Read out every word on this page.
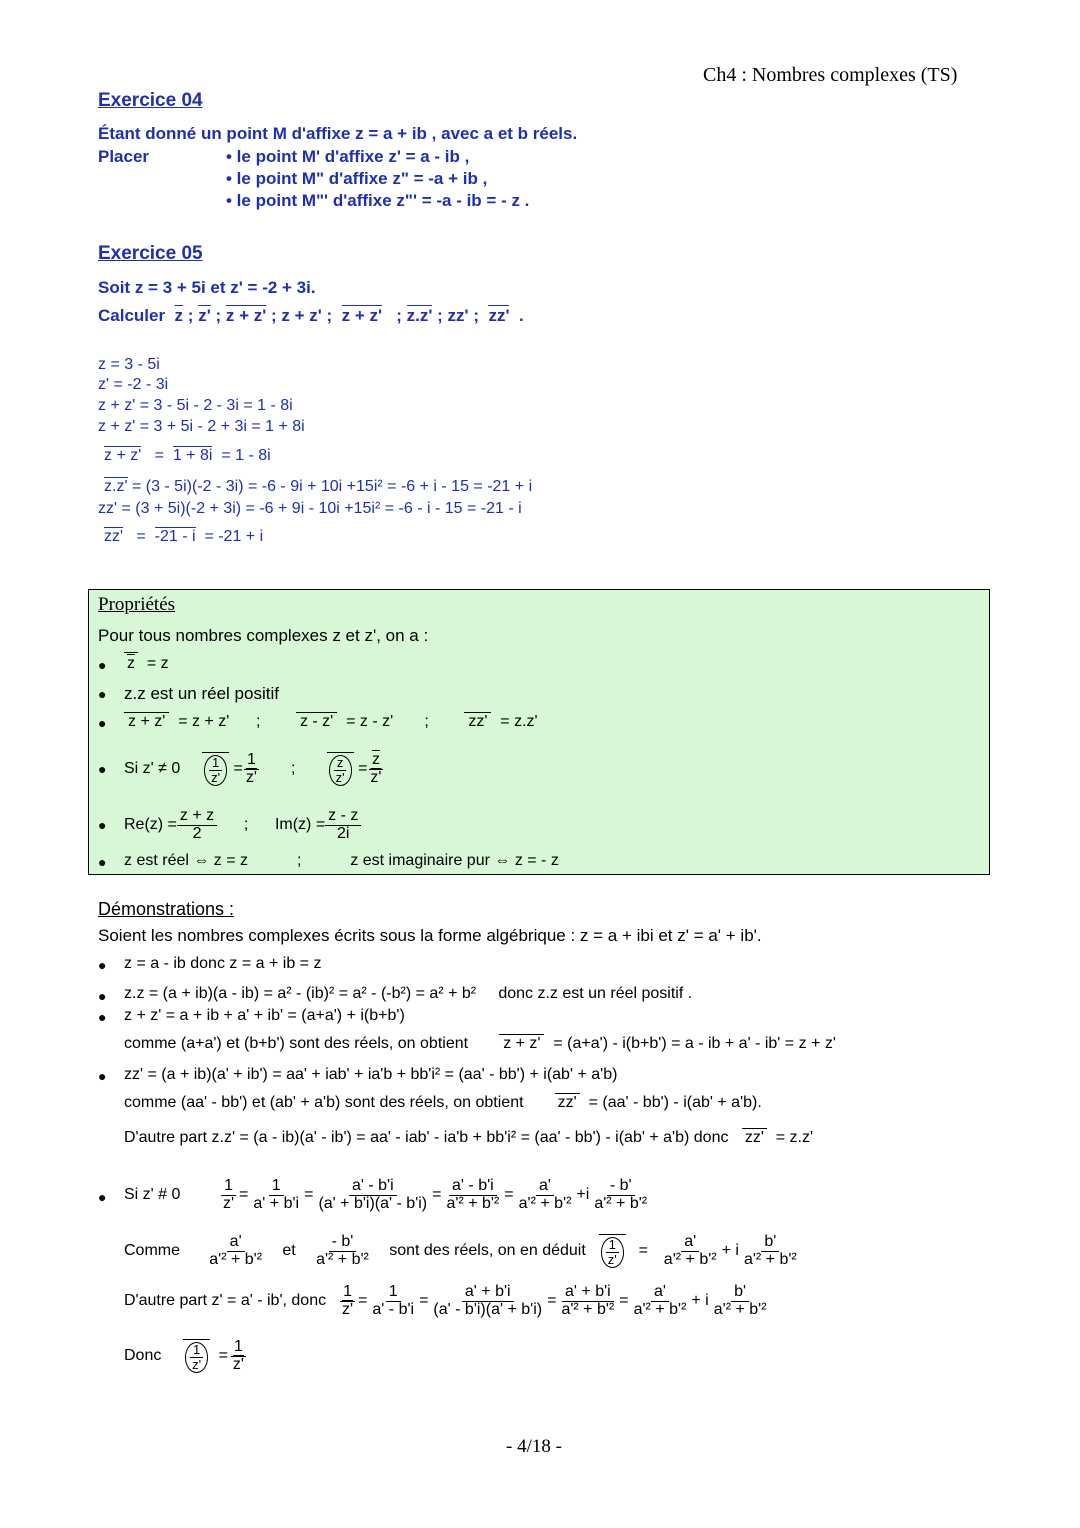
Ch4 : Nombres complexes (TS)
Exercice 04
Étant donné un point M d'affixe z = a + ib , avec a et b réels.
Placer	• le point M' d'affixe z' = a - ib ,
• le point M" d'affixe z" = -a + ib ,
• le point M"' d'affixe z"' = -a - ib = - z .
Exercice 05
Soit z = 3 + 5i et z' = -2 + 3i.
Calculer $\overline{z}$ ; z' ; z + z' ; z + z' ; z + z' ; z.z' ; zz' ; zz' .
z = 3 - 5i
z' = -2 - 3i
z + z' = 3 - 5i - 2 - 3i = 1 - 8i
z + z' = 3 + 5i - 2 + 3i = 1 + 8i
z + z' = 1 + 8i = 1 - 8i
z.z' = (3 - 5i)(-2 - 3i) = -6 - 9i + 10i +15i² = -6 + i - 15 = -21 + i
zz' = (3 + 5i)(-2 + 3i) = -6 + 9i - 10i +15i² = -6 - i - 15 = -21 - i
zz' = -21 - i = -21 + i
Propriétés
Pour tous nombres complexes z et z', on a :
● $\overline{z} = z$
● z.z est un réel positif
● z + z' = z + z' ; z - z' = z - z' ; zz' = z.z'
● Si z' ≠ 0
$\frac{1}{z'}$
= $\frac{1}{z'}$
;
	$\frac{z}{z'}$
= $\frac{\overline{z}}{z'}$
● $Re(z) = \frac{z + z}{2}$
;
$Im(z) = \frac{z - z}{2i}$
● z est réel ⇔ z = z	;	z est imaginaire pur ⇔ z = - z
Démonstrations :
Soient les nombres complexes écrits sous la forme algébrique : z = a + ibi et z' = a' + ib'.
● z = a - ib donc z = a + ib = z
● z.z = (a + ib)(a - ib) = a² - (ib)² = a² - (-b²) = a² + b² donc z.z est un réel positif .
● z + z' = a + ib + a' + ib' = (a+a') + i(b+b')
comme (a+a') et (b+b') sont des réels, on obtient z + z' = (a+a') - i(b+b') = a - ib + a' - ib' = z + z'
● zz' = (a + ib)(a' + ib') = aa' + iab' + ia'b + bb'i² = (aa' - bb') + i(ab' + a'b)
comme (aa' - bb') et (ab' + a'b) sont des réels, on obtient zz' = (aa' - bb') - i(ab' + a'b).
D'autre part z.z' = (a - ib)(a' - ib') = aa' - iab' - ia'b + bb'i² = (aa' - bb') - i(ab' + a'b) donc zz' = z.z'
● Si z' # 0
$\frac{1}{z'} = \frac{1}{a' + b'i} = \frac{a' - b'i}{(a' + b'i)(a' - b'i)} = \frac{a' - b'i}{\text{a'² + b'²}} = \frac{a'}{\text{a'² + b'²}} +i \frac{- b'}{\text{a'² + b'²}}$
Comme
$\frac{a'}{\text{a'² + b'²}}$
et
$\frac{- b'}{\text{a'² + b'²}}$
sont des réels, on en déduit
$\frac{1}{z'}$
=
$\frac{a'}{\text{a'² + b'²}} + i \frac{b'}{\text{a'² + b'²}}$
D'autre part z' = a' - ib', donc
$\frac{1}{z'} = \frac{1}{a' - b'i} = \frac{a' + b'i}{(a' - b'i)(a' + b'i)} = \frac{a' + b'i}{\text{a'² + b'²}} = \frac{a'}{\text{a'² + b'²}} + i \frac{b'}{\text{a'² + b'²}}$
Donc
$\frac{1}{z'}$
= $\frac{1}{z'}$
- 4/18 -
